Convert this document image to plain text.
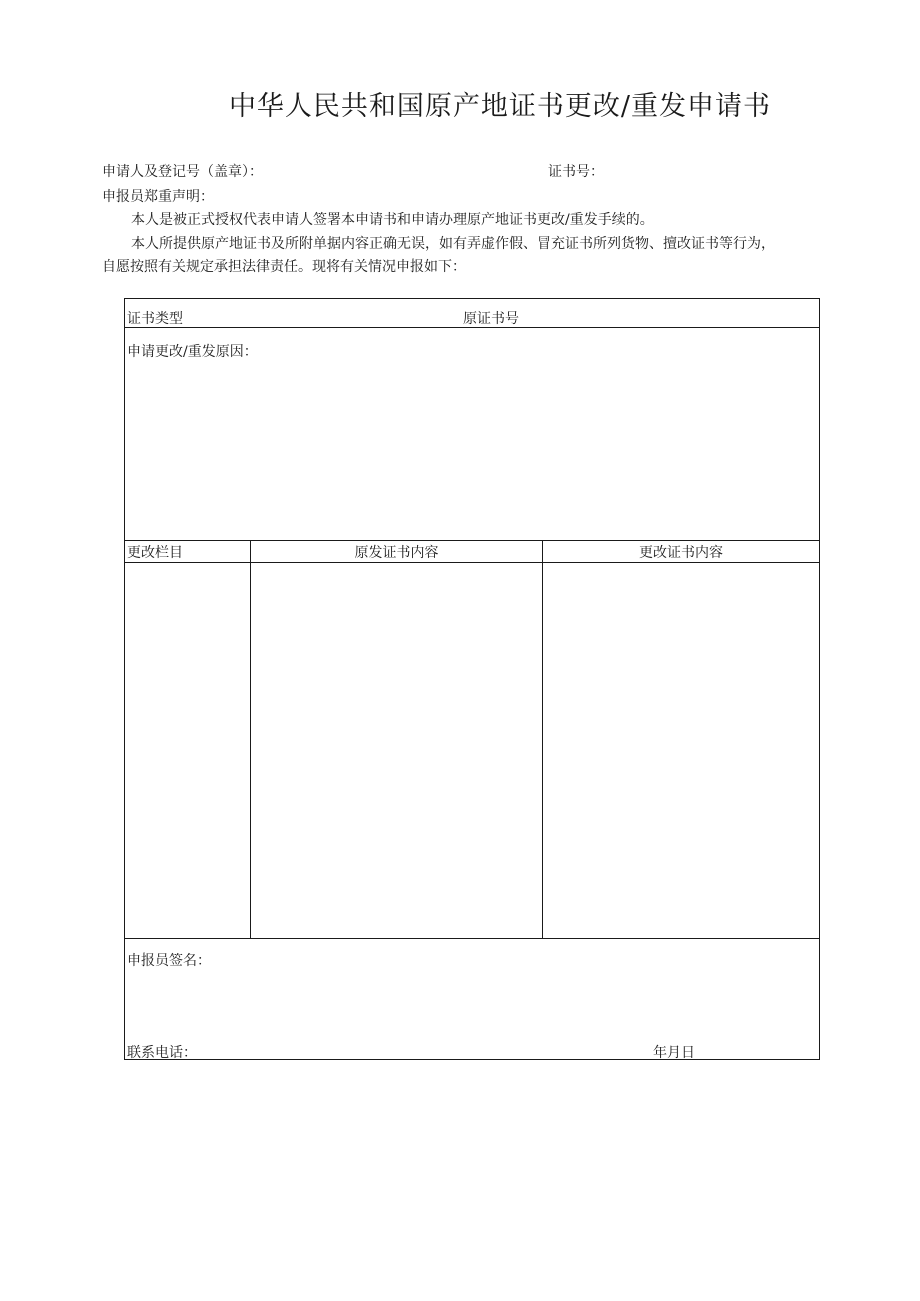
中华人民共和国原产地证书更改/重发申请书

申请人及登记号（盖章）：	证书号：

申报员郑重声明：

本人是被正式授权代表申请人签署本申请书和申请办理原产地证书更改/重发手续的。

本人所提供原产地证书及所附单据内容正确无误，如有弄虚作假、冒充证书所列货物、擅改证书等行为，

自愿按照有关规定承担法律责任。现将有关情况申报如下：

证书类型	原证书号
申请更改/重发原因：
更改栏目	原发证书内容	更改证书内容
申报员签名：
联系电话：	年月日
